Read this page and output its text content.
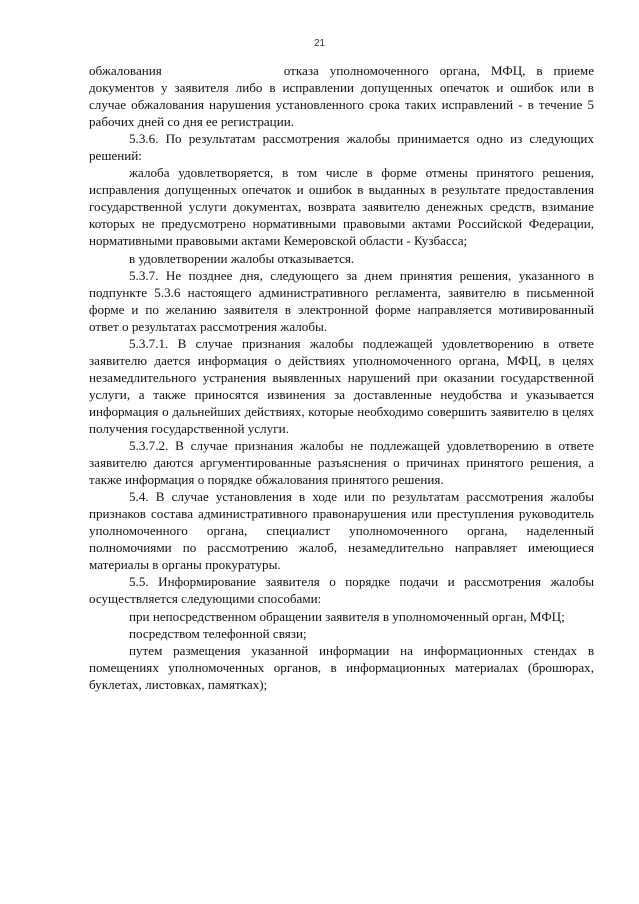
21

обжалования	отказа уполномоченного органа, МФЦ, в приеме документов у заявителя либо в исправлении допущенных опечаток и ошибок или в случае обжалования нарушения установленного срока таких исправлений - в течение 5 рабочих дней со дня ее регистрации.

5.3.6. По результатам рассмотрения жалобы принимается одно из следующих решений:

жалоба удовлетворяется, в том числе в форме отмены принятого решения, исправления допущенных опечаток и ошибок в выданных в результате предоставления государственной услуги документах, возврата заявителю денежных средств, взимание которых не предусмотрено нормативными правовыми актами Российской Федерации, нормативными правовыми актами Кемеровской области - Кузбасса;

в удовлетворении жалобы отказывается.

5.3.7. Не позднее дня, следующего за днем принятия решения, указанного в подпункте 5.3.6 настоящего административного регламента, заявителю в письменной форме и по желанию заявителя в электронной форме направляется мотивированный ответ о результатах рассмотрения жалобы.

5.3.7.1. В случае признания жалобы подлежащей удовлетворению в ответе заявителю дается информация о действиях уполномоченного органа, МФЦ, в целях незамедлительного устранения выявленных нарушений при оказании государственной услуги, а также приносятся извинения за доставленные неудобства и указывается информация о дальнейших действиях, которые необходимо совершить заявителю в целях получения государственной услуги.

5.3.7.2. В случае признания жалобы не подлежащей удовлетворению в ответе заявителю даются аргументированные разъяснения о причинах принятого решения, а также информация о порядке обжалования принятого решения.

5.4. В случае установления в ходе или по результатам рассмотрения жалобы признаков состава административного правонарушения или преступления руководитель уполномоченного органа, специалист уполномоченного органа, наделенный полномочиями по рассмотрению жалоб, незамедлительно направляет имеющиеся материалы в органы прокуратуры.

5.5. Информирование заявителя о порядке подачи и рассмотрения жалобы осуществляется следующими способами:

при непосредственном обращении заявителя в уполномоченный орган, МФЦ;

посредством телефонной связи;

путем размещения указанной информации на информационных стендах в помещениях уполномоченных органов, в информационных материалах (брошюрах, буклетах, листовках, памятках);
